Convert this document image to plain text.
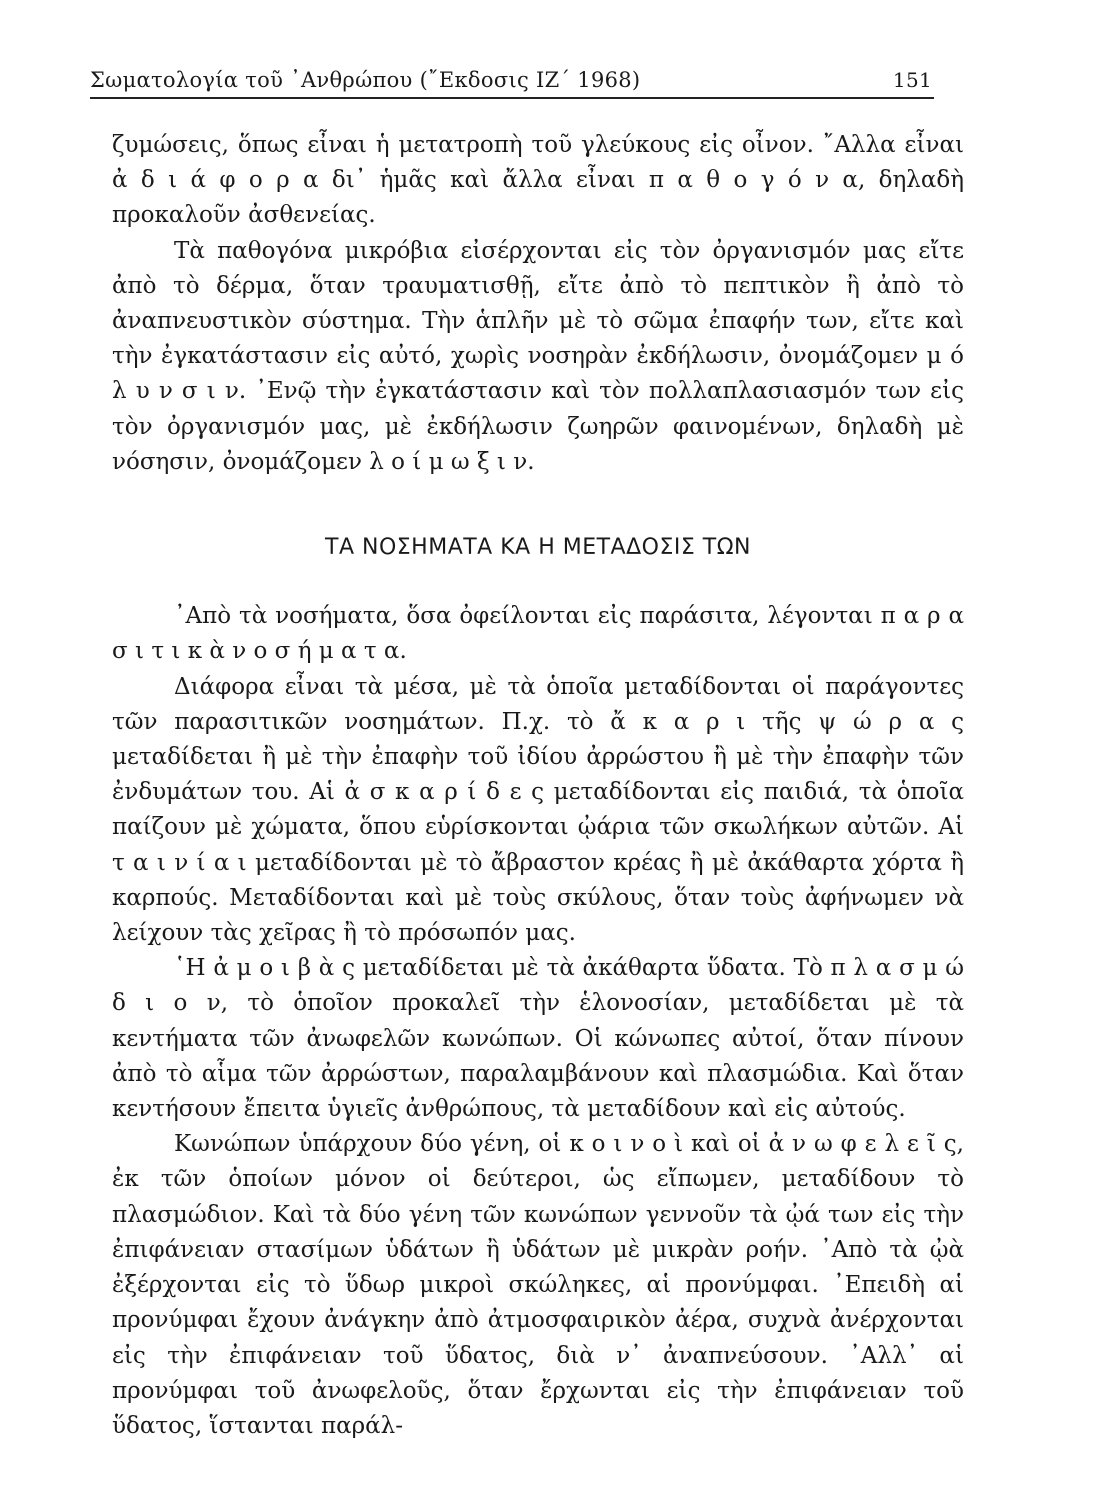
Σωματολογία τοῦ ᾿Ανθρώπου (῎Εκδοσις ΙΖ΄ 1968)	151

ζυμώσεις, ὅπως εἶναι ἡ μετατροπὴ τοῦ γλεύκους εἰς οἶνον. ῎Αλλα εἶναι ἀ δ ι ά φ ο ρ α δι᾿ ἡμᾶς καὶ ἄλλα εἶναι π α θ ο γ ό ν α, δηλαδὴ προκαλοῦν ἀσθενείας.

Τὰ παθογόνα μικρόβια εἰσέρχονται εἰς τὸν ὀργανισμόν μας εἴτε ἀπὸ τὸ δέρμα, ὅταν τραυματισθῇ, εἴτε ἀπὸ τὸ πεπτικὸν ἢ ἀπὸ τὸ ἀναπνευστικὸν σύστημα. Τὴν ἁπλῆν μὲ τὸ σῶμα ἐπαφήν των, εἴτε καὶ τὴν ἐγκατάστασιν εἰς αὐτό, χωρὶς νοσηρὰν ἐκδήλωσιν, ὀνομάζομεν μ ό λ υ ν σ ι ν. ᾿Ενῷ τὴν ἐγκατάστασιν καὶ τὸν πολλαπλασιασμόν των εἰς τὸν ὀργανισμόν μας, μὲ ἐκδήλωσιν ζωηρῶν φαινομένων, δηλαδὴ μὲ νόσησιν, ὀνομάζομεν λ ο ί μ ω ξ ι ν.

ΤΑ ΝΟΣΗΜΑΤΑ ΚΑ Η ΜΕΤΑΔΟΣΙΣ ΤΩΝ

᾿Απὸ τὰ νοσήματα, ὅσα ὀφείλονται εἰς παράσιτα, λέγονται π α ρ α σ ι τ ι κ ὰ ν ο σ ή μ α τ α.

Διάφορα εἶναι τὰ μέσα, μὲ τὰ ὁποῖα μεταδίδονται οἱ παράγοντες τῶν παρασιτικῶν νοσημάτων. Π.χ. τὸ ἄ κ α ρ ι τῆς ψ ώ ρ α ς μεταδίδεται ἢ μὲ τὴν ἐπαφὴν τοῦ ἰδίου ἀρρώστου ἢ μὲ τὴν ἐπαφὴν τῶν ἐνδυμάτων του. Αἱ ἀ σ κ α ρ ί δ ε ς μεταδίδονται εἰς παιδιά, τὰ ὁποῖα παίζουν μὲ χώματα, ὅπου εὑρίσκονται ᾠάρια τῶν σκωλήκων αὐτῶν. Αἱ τ α ι ν ί α ι μεταδίδονται μὲ τὸ ἄβραστον κρέας ἢ μὲ ἀκάθαρτα χόρτα ἢ καρπούς. Μεταδίδονται καὶ μὲ τοὺς σκύλους, ὅταν τοὺς ἀφήνωμεν νὰ λείχουν τὰς χεῖρας ἢ τὸ πρόσωπόν μας.

῾Η ἀ μ ο ι β ὰ ς μεταδίδεται μὲ τὰ ἀκάθαρτα ὕδατα. Τὸ π λ α σ μ ώ δ ι ο ν, τὸ ὁποῖον προκαλεῖ τὴν ἑλονοσίαν, μεταδίδεται μὲ τὰ κεντήματα τῶν ἀνωφελῶν κωνώπων. Οἱ κώνωπες αὐτοί, ὅταν πίνουν ἀπὸ τὸ αἷμα τῶν ἀρρώστων, παραλαμβάνουν καὶ πλασμώδια. Καὶ ὅταν κεντήσουν ἔπειτα ὑγιεῖς ἀνθρώπους, τὰ μεταδίδουν καὶ εἰς αὐτούς.

Κωνώπων ὑπάρχουν δύο γένη, οἱ κ ο ι ν ο ὶ καὶ οἱ ἀ ν ω φ ε λ ε ῖ ς, ἐκ τῶν ὁποίων μόνον οἱ δεύτεροι, ὡς εἴπωμεν, μεταδίδουν τὸ πλασμώδιον. Καὶ τὰ δύο γένη τῶν κωνώπων γεννοῦν τὰ ᾠά των εἰς τὴν ἐπιφάνειαν στασίμων ὑδάτων ἢ ὑδάτων μὲ μικρὰν ροήν. ᾿Απὸ τὰ ᾠὰ ἐξέρχονται εἰς τὸ ὕδωρ μικροὶ σκώληκες, αἱ προνύμφαι. ᾿Επειδὴ αἱ προνύμφαι ἔχουν ἀνάγκην ἀπὸ ἀτμοσφαιρικὸν ἀέρα, συχνὰ ἀνέρχονται εἰς τὴν ἐπιφάνειαν τοῦ ὕδατος, διὰ ν᾿ ἀναπνεύσουν. ᾿Αλλ᾿ αἱ προνύμφαι τοῦ ἀνωφελοῦς, ὅταν ἔρχωνται εἰς τὴν ἐπιφάνειαν τοῦ ὕδατος, ἵστανται παράλ-
